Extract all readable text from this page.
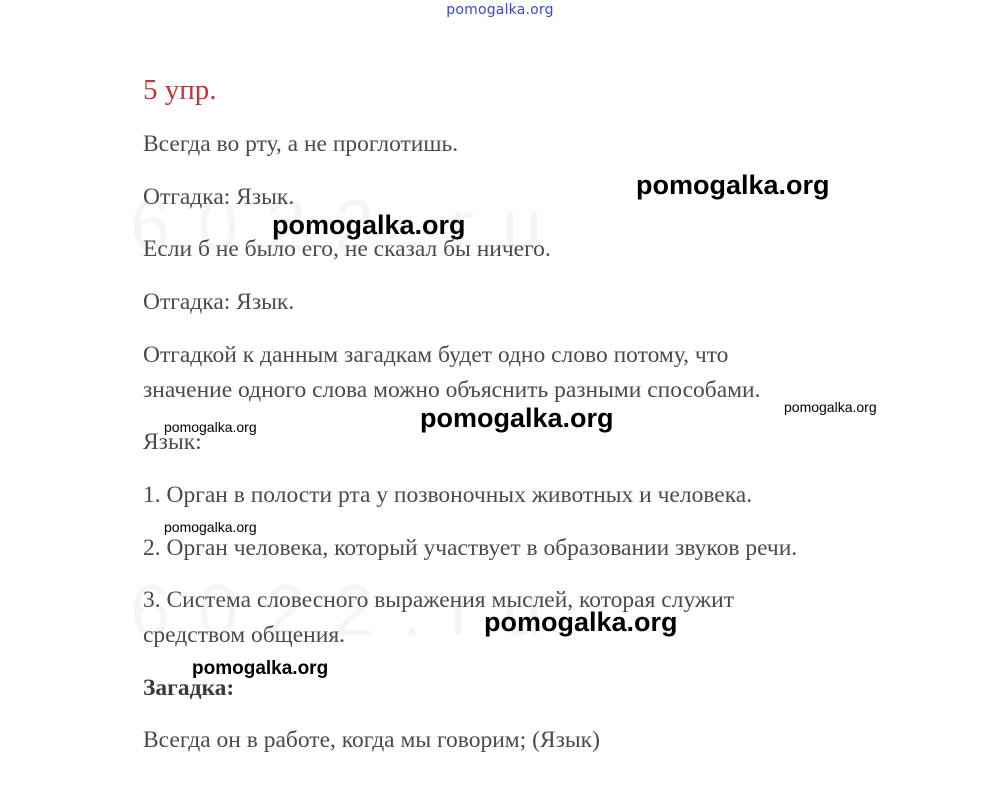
pomogalka.org
5 упр.
Всегда во рту, а не проглотишь.
Отгадка: Язык.
Если б не было его, не сказал бы ничего.
Отгадка: Язык.
Отгадкой к данным загадкам будет одно слово потому, что
значение одного слова можно объяснить разными способами.
Язык:
1. Орган в полости рта у позвоночных животных и человека.
2. Орган человека, который участвует в образовании звуков речи.
3. Система словесного выражения мыслей, которая служит
средством общения.
Загадка:
Всегда он в работе, когда мы говорим; (Язык)
pomogalka.org
pomogalka.org
pomogalka.org	pomogalka.org
pomogalka.org
pomogalka.org
pomogalka.org
pomogalka.org
